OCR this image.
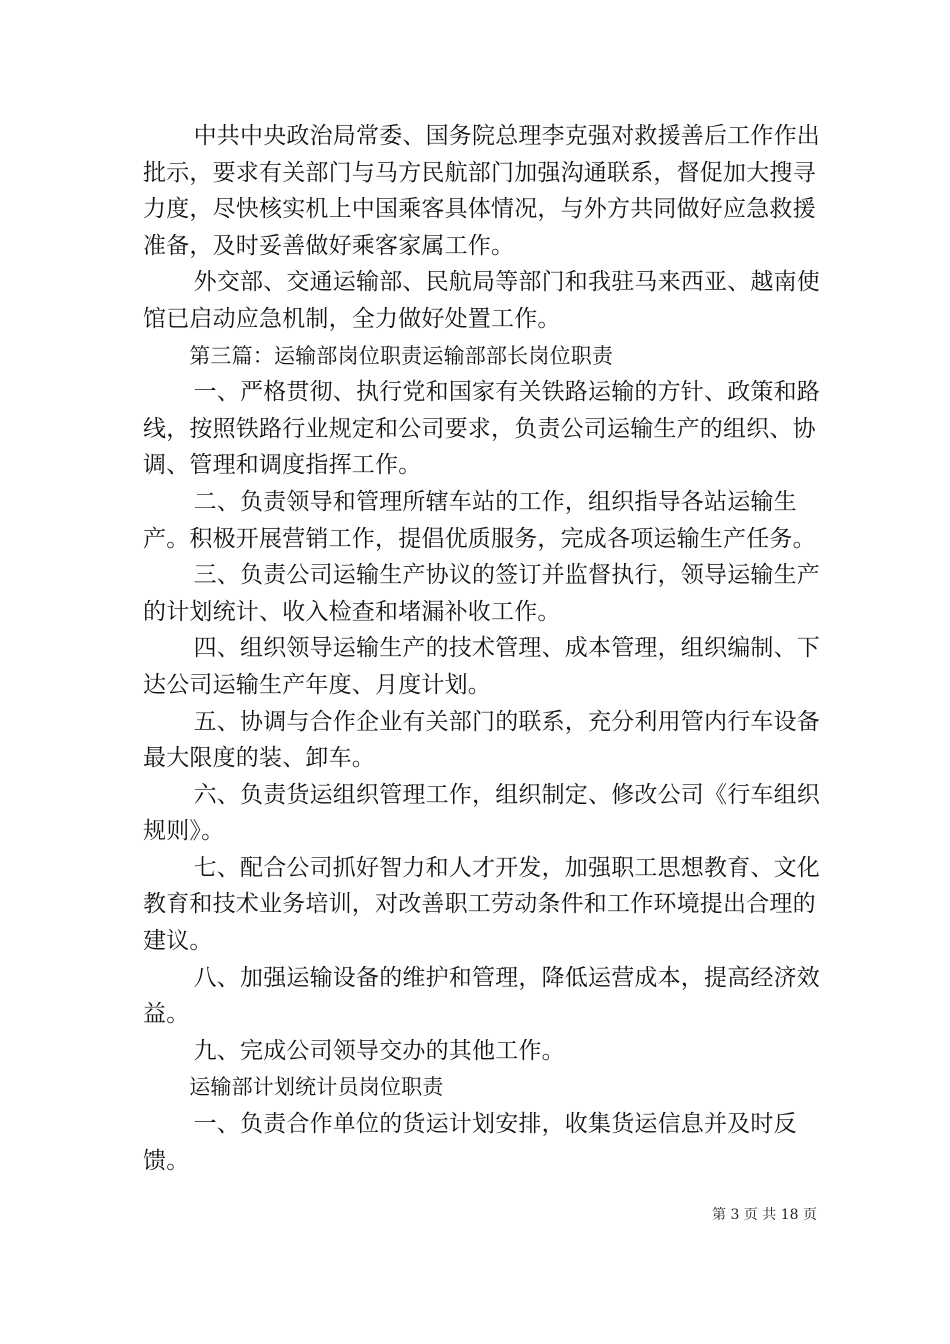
中共中央政治局常委、国务院总理李克强对救援善后工作作出批示，要求有关部门与马方民航部门加强沟通联系，督促加大搜寻力度，尽快核实机上中国乘客具体情况，与外方共同做好应急救援准备，及时妥善做好乘客家属工作。

外交部、交通运输部、民航局等部门和我驻马来西亚、越南使馆已启动应急机制，全力做好处置工作。

第三篇：运输部岗位职责运输部部长岗位职责

一、严格贯彻、执行党和国家有关铁路运输的方针、政策和路线，按照铁路行业规定和公司要求，负责公司运输生产的组织、协调、管理和调度指挥工作。

二、负责领导和管理所辖车站的工作，组织指导各站运输生产。积极开展营销工作，提倡优质服务，完成各项运输生产任务。

三、负责公司运输生产协议的签订并监督执行，领导运输生产的计划统计、收入检查和堵漏补收工作。

四、组织领导运输生产的技术管理、成本管理，组织编制、下达公司运输生产年度、月度计划。

五、协调与合作企业有关部门的联系，充分利用管内行车设备最大限度的装、卸车。

六、负责货运组织管理工作，组织制定、修改公司《行车组织规则》。

七、配合公司抓好智力和人才开发，加强职工思想教育、文化教育和技术业务培训，对改善职工劳动条件和工作环境提出合理的建议。

八、加强运输设备的维护和管理，降低运营成本，提高经济效益。

九、完成公司领导交办的其他工作。

运输部计划统计员岗位职责

一、负责合作单位的货运计划安排，收集货运信息并及时反馈。

第 3 页 共 18 页
